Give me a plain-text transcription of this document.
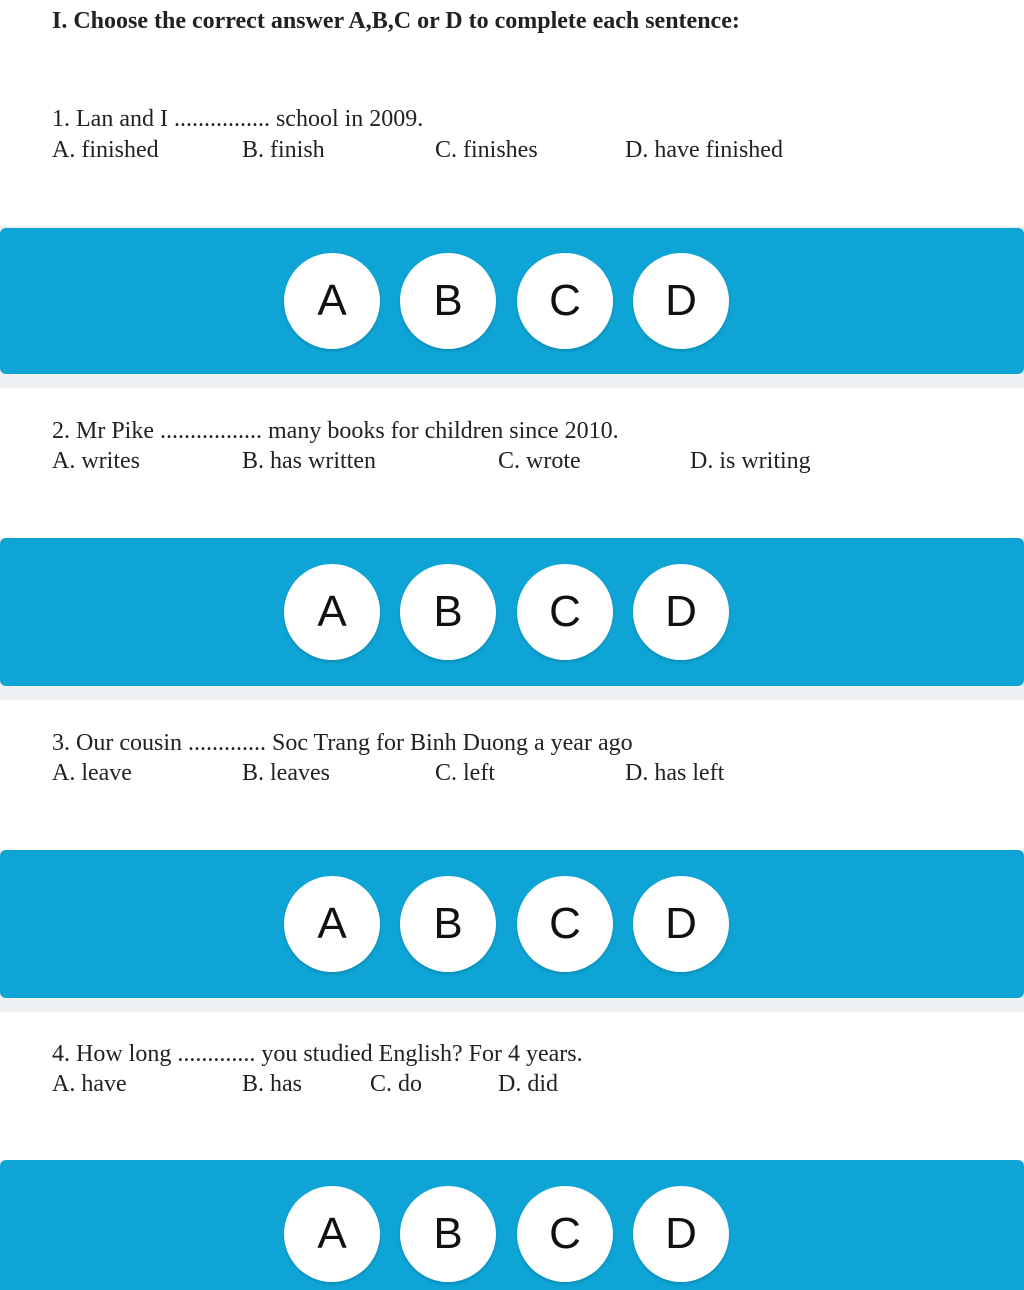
I. Choose the correct answer A,B,C or D to complete each sentence:
1. Lan and I ................ school in 2009.
A. finished	B. finish	C. finishes	D. have finished
A	B	C	D
2. Mr Pike ................. many books for children since 2010.
A. writes	B. has written	C. wrote	D. is writing
A	B	C	D
3. Our cousin ............. Soc Trang for Binh Duong a year ago
A. leave	B. leaves	C. left	D. has left
A	B	C	D
4. How long ............. you studied English? For 4 years.
A. have	B. has	C. do	D. did
A	B	C	D
